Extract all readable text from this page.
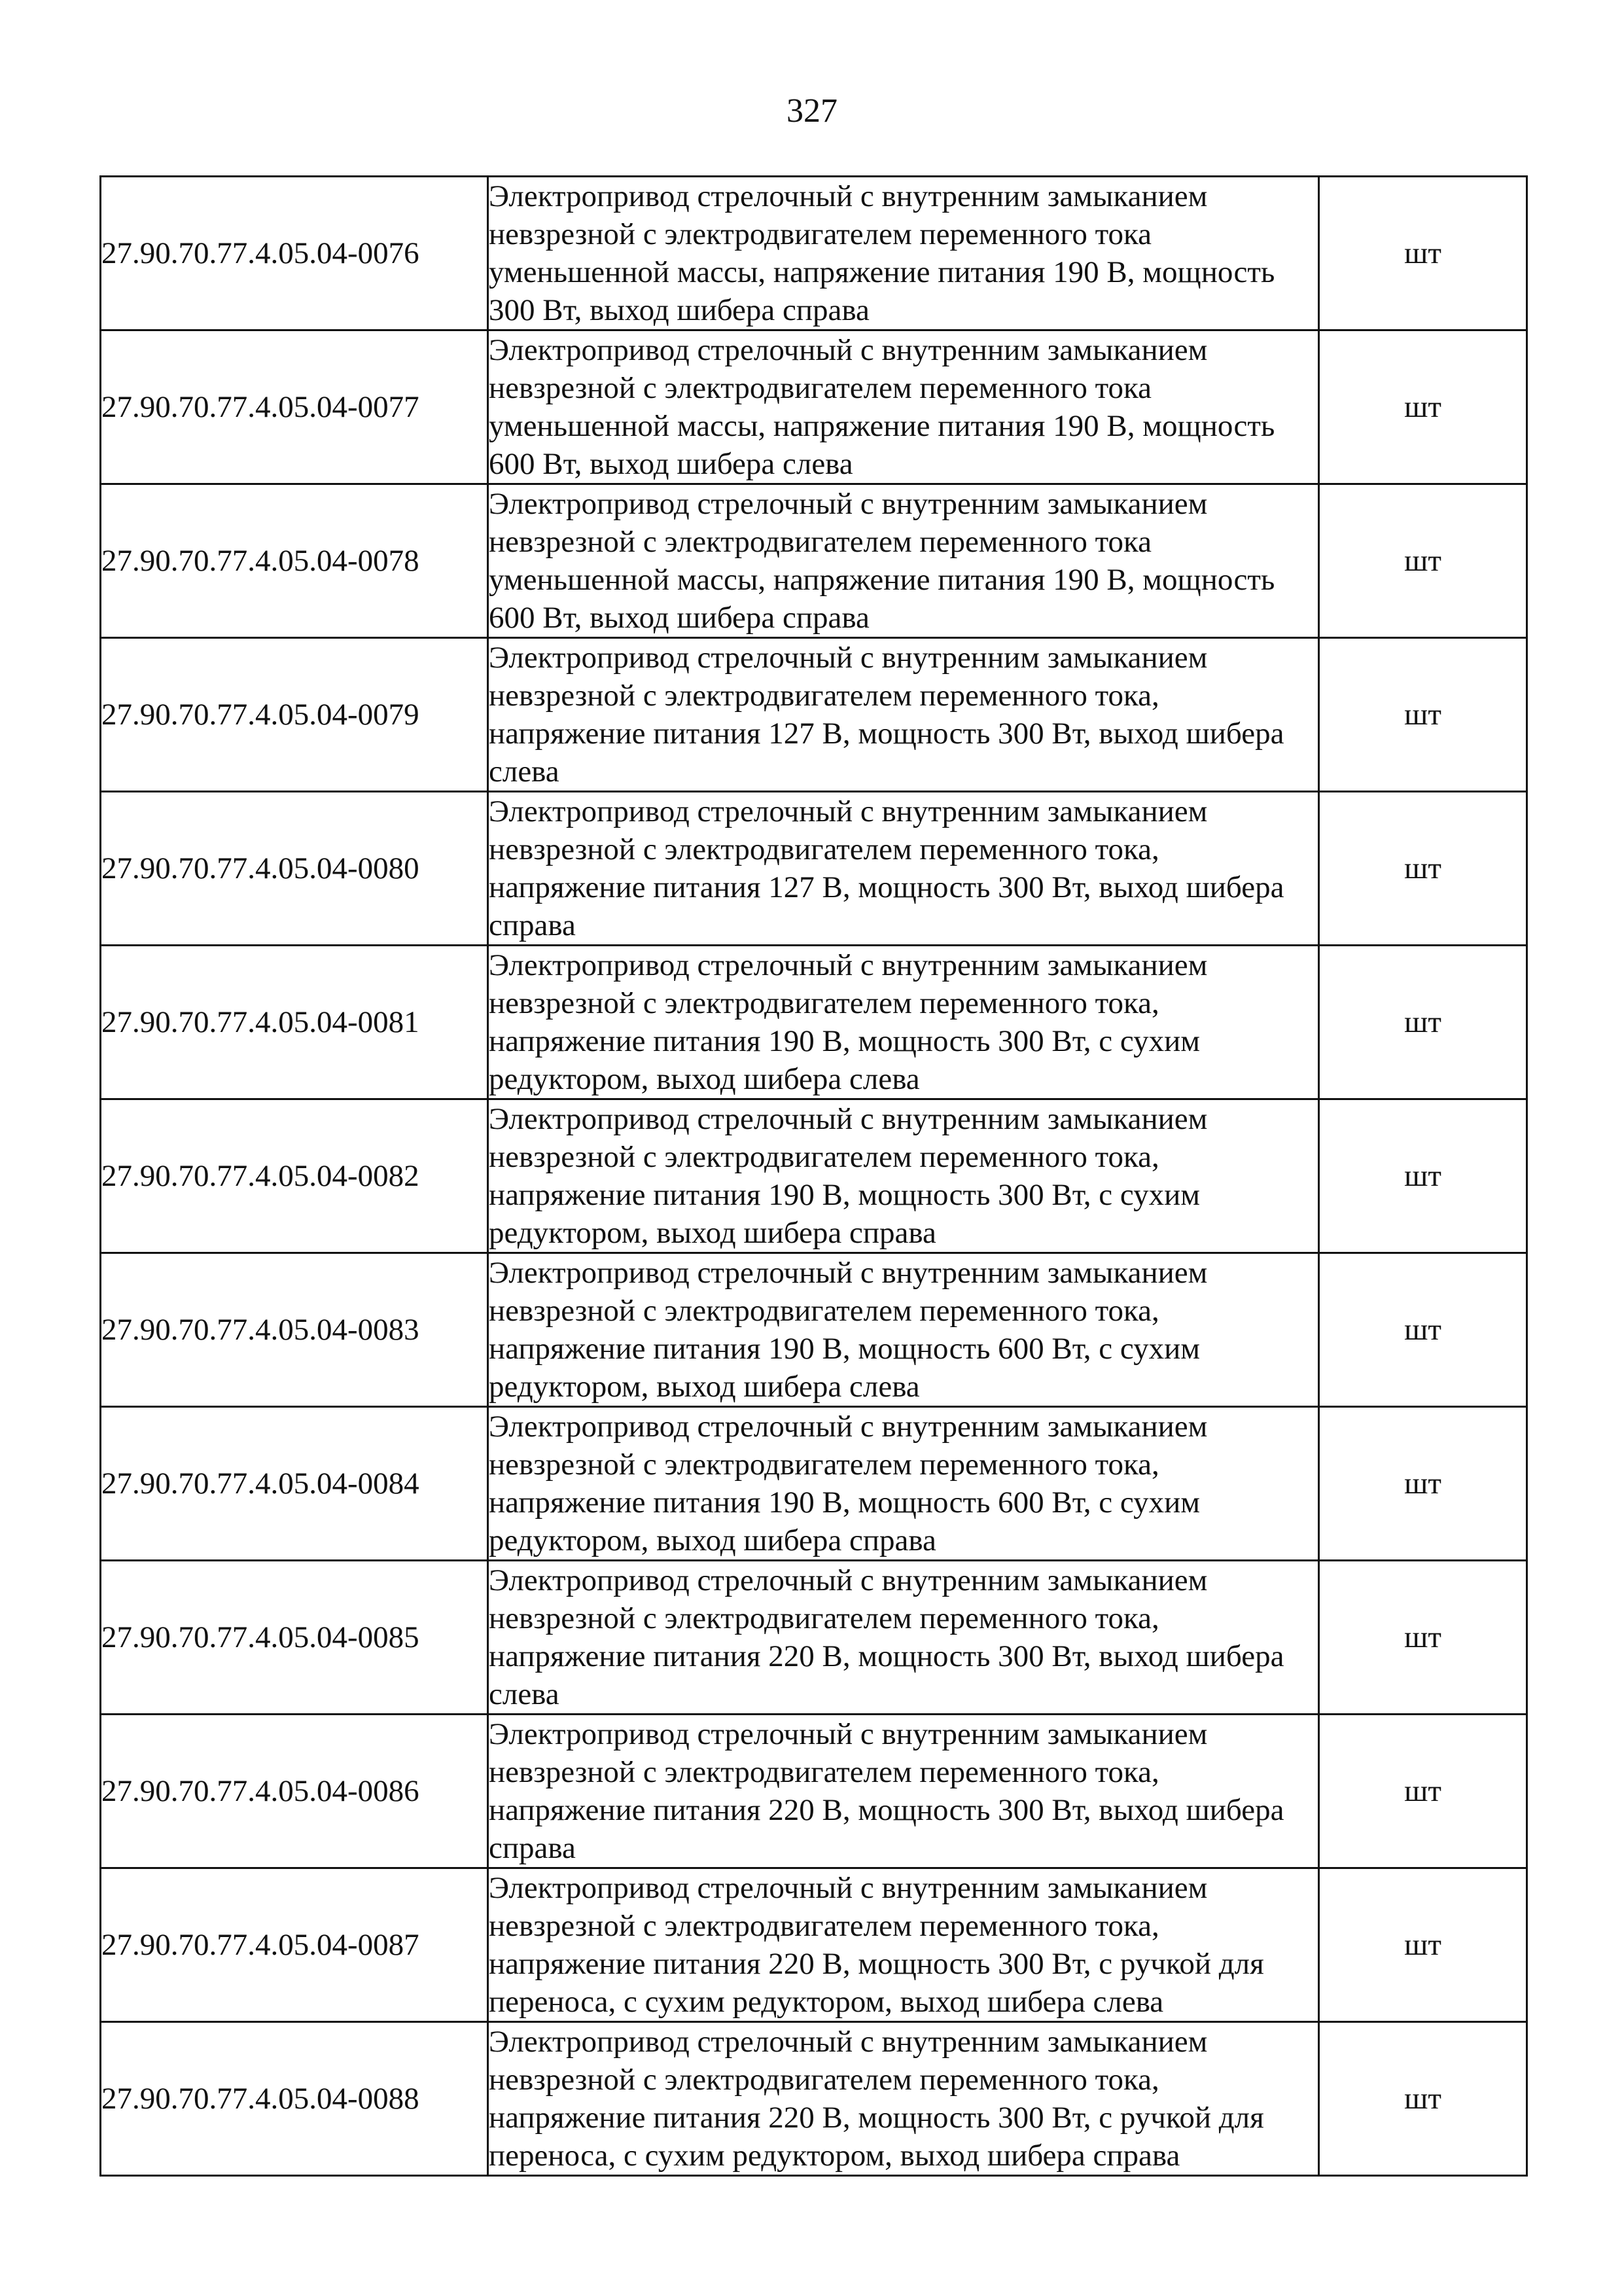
327
27.90.70.77.4.05.04-0076	Электропривод стрелочный с внутренним замыканием невзрезной с электродвигателем переменного тока уменьшенной массы, напряжение питания 190 В, мощность 300 Вт, выход шибера справа	шт
27.90.70.77.4.05.04-0077	Электропривод стрелочный с внутренним замыканием невзрезной с электродвигателем переменного тока уменьшенной массы, напряжение питания 190 В, мощность 600 Вт, выход шибера слева	шт
27.90.70.77.4.05.04-0078	Электропривод стрелочный с внутренним замыканием невзрезной с электродвигателем переменного тока уменьшенной массы, напряжение питания 190 В, мощность 600 Вт, выход шибера справа	шт
27.90.70.77.4.05.04-0079	Электропривод стрелочный с внутренним замыканием невзрезной с электродвигателем переменного тока, напряжение питания 127 В, мощность 300 Вт, выход шибера слева	шт
27.90.70.77.4.05.04-0080	Электропривод стрелочный с внутренним замыканием невзрезной с электродвигателем переменного тока, напряжение питания 127 В, мощность 300 Вт, выход шибера справа	шт
27.90.70.77.4.05.04-0081	Электропривод стрелочный с внутренним замыканием невзрезной с электродвигателем переменного тока, напряжение питания 190 В, мощность 300 Вт, с сухим редуктором, выход шибера слева	шт
27.90.70.77.4.05.04-0082	Электропривод стрелочный с внутренним замыканием невзрезной с электродвигателем переменного тока, напряжение питания 190 В, мощность 300 Вт, с сухим редуктором, выход шибера справа	шт
27.90.70.77.4.05.04-0083	Электропривод стрелочный с внутренним замыканием невзрезной с электродвигателем переменного тока, напряжение питания 190 В, мощность 600 Вт, с сухим редуктором, выход шибера слева	шт
27.90.70.77.4.05.04-0084	Электропривод стрелочный с внутренним замыканием невзрезной с электродвигателем переменного тока, напряжение питания 190 В, мощность 600 Вт, с сухим редуктором, выход шибера справа	шт
27.90.70.77.4.05.04-0085	Электропривод стрелочный с внутренним замыканием невзрезной с электродвигателем переменного тока, напряжение питания 220 В, мощность 300 Вт, выход шибера слева	шт
27.90.70.77.4.05.04-0086	Электропривод стрелочный с внутренним замыканием невзрезной с электродвигателем переменного тока, напряжение питания 220 В, мощность 300 Вт, выход шибера справа	шт
27.90.70.77.4.05.04-0087	Электропривод стрелочный с внутренним замыканием невзрезной с электродвигателем переменного тока, напряжение питания 220 В, мощность 300 Вт, с ручкой для переноса, с сухим редуктором, выход шибера слева	шт
27.90.70.77.4.05.04-0088	Электропривод стрелочный с внутренним замыканием невзрезной с электродвигателем переменного тока, напряжение питания 220 В, мощность 300 Вт, с ручкой для переноса, с сухим редуктором, выход шибера справа	шт
